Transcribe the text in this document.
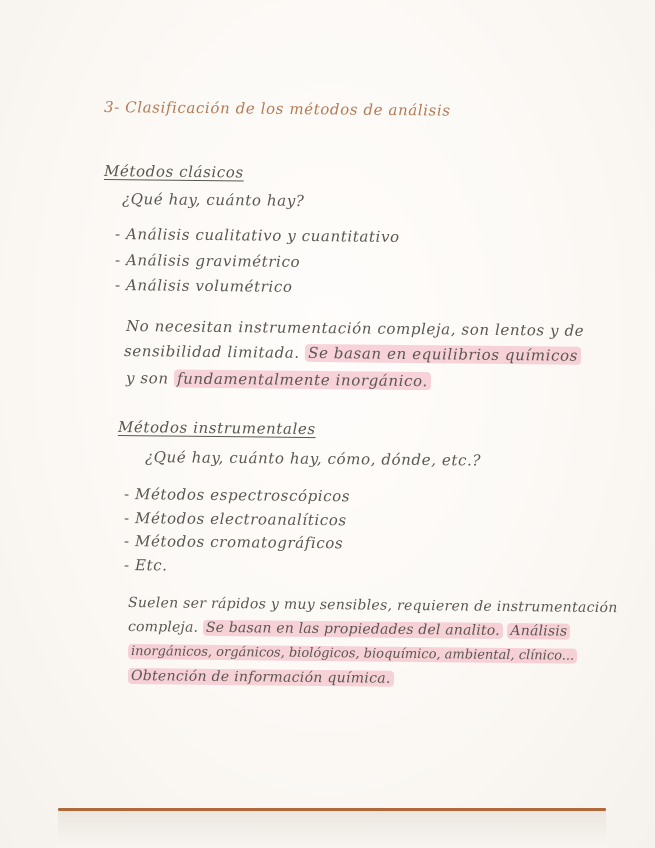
3- Clasificación de los métodos de análisis
Métodos clásicos
¿Qué hay, cuánto hay?
- Análisis cualitativo y cuantitativo
- Análisis gravimétrico
- Análisis volumétrico
No necesitan instrumentación compleja, son lentos y de
sensibilidad limitada. Se basan en equilibrios químicos
y son fundamentalmente inorgánico.
Métodos instrumentales
¿Qué hay, cuánto hay, cómo, dónde, etc.?
- Métodos espectroscópicos
- Métodos electroanalíticos
- Métodos cromatográficos
- Etc.
Suelen ser rápidos y muy sensibles, requieren de instrumentación
compleja. Se basan en las propiedades del analito. Análisis
inorgánicos, orgánicos, biológicos, bioquímico, ambiental, clínico...
Obtención de información química.
